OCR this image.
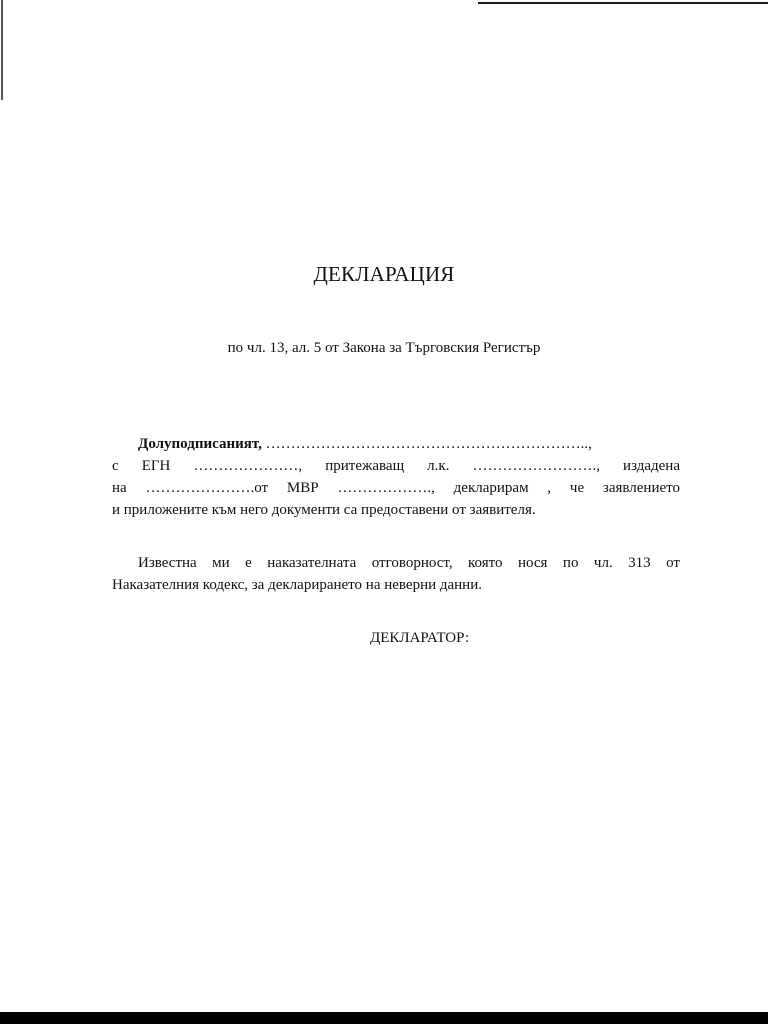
ДЕКЛАРАЦИЯ
по чл. 13, ал. 5 от Закона за Търговския Регистър
Долуподписаният, ………………………………………………………..,
с ЕГН …………………, притежаващ л.к. ……………………., издадена
на ………………….от МВР ………………., декларирам , че заявлението
и приложените към него документи са предоставени от заявителя.
Известна ми е наказателната отговорност, която нося по чл. 313 от
Наказателния кодекс, за декларирането на неверни данни.
ДЕКЛАРАТОР:
